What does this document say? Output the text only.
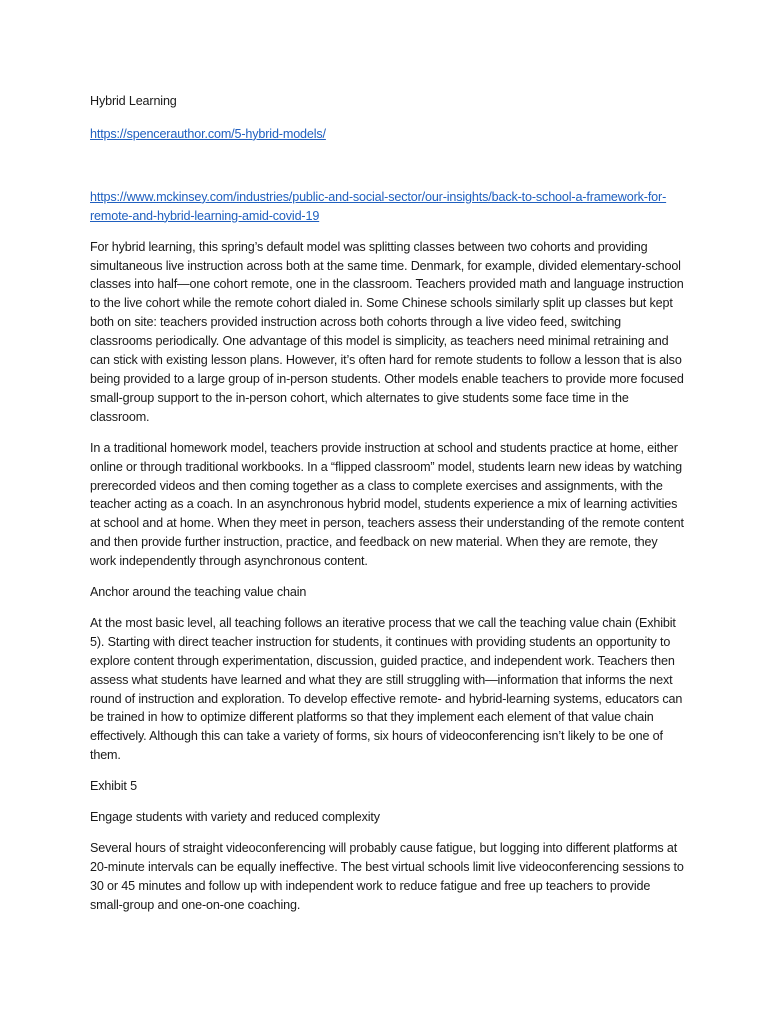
Hybrid Learning

https://spencerauthor.com/5-hybrid-models/

https://www.mckinsey.com/industries/public-and-social-sector/our-insights/back-to-school-a-framework-for-remote-and-hybrid-learning-amid-covid-19

For hybrid learning, this spring’s default model was splitting classes between two cohorts and providing simultaneous live instruction across both at the same time. Denmark, for example, divided elementary-school classes into half—one cohort remote, one in the classroom. Teachers provided math and language instruction to the live cohort while the remote cohort dialed in. Some Chinese schools similarly split up classes but kept both on site: teachers provided instruction across both cohorts through a live video feed, switching classrooms periodically. One advantage of this model is simplicity, as teachers need minimal retraining and can stick with existing lesson plans. However, it’s often hard for remote students to follow a lesson that is also being provided to a large group of in-person students. Other models enable teachers to provide more focused small-group support to the in-person cohort, which alternates to give students some face time in the classroom.

In a traditional homework model, teachers provide instruction at school and students practice at home, either online or through traditional workbooks. In a “flipped classroom” model, students learn new ideas by watching prerecorded videos and then coming together as a class to complete exercises and assignments, with the teacher acting as a coach. In an asynchronous hybrid model, students experience a mix of learning activities at school and at home. When they meet in person, teachers assess their understanding of the remote content and then provide further instruction, practice, and feedback on new material. When they are remote, they work independently through asynchronous content.

Anchor around the teaching value chain

At the most basic level, all teaching follows an iterative process that we call the teaching value chain (Exhibit 5). Starting with direct teacher instruction for students, it continues with providing students an opportunity to explore content through experimentation, discussion, guided practice, and independent work. Teachers then assess what students have learned and what they are still struggling with—information that informs the next round of instruction and exploration. To develop effective remote- and hybrid-learning systems, educators can be trained in how to optimize different platforms so that they implement each element of that value chain effectively. Although this can take a variety of forms, six hours of videoconferencing isn’t likely to be one of them.

Exhibit 5

Engage students with variety and reduced complexity

Several hours of straight videoconferencing will probably cause fatigue, but logging into different platforms at 20-minute intervals can be equally ineffective. The best virtual schools limit live videoconferencing sessions to 30 or 45 minutes and follow up with independent work to reduce fatigue and free up teachers to provide small-group and one-on-one coaching.
